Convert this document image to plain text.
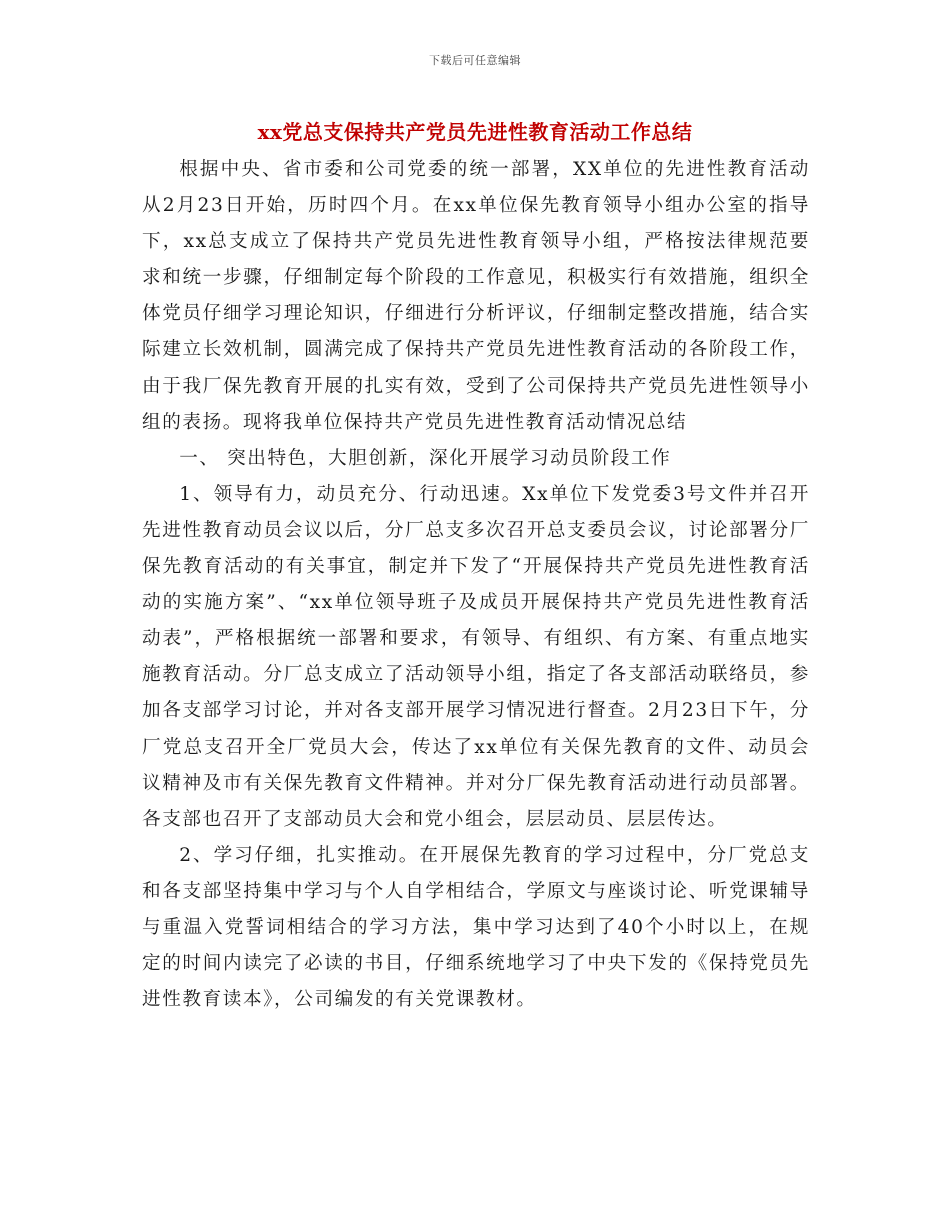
下载后可任意编辑
xx党总支保持共产党员先进性教育活动工作总结

根据中央、省市委和公司党委的统一部署，XX单位的先进性教育活动从2月23日开始，历时四个月。在xx单位保先教育领导小组办公室的指导下，xx总支成立了保持共产党员先进性教育领导小组，严格按法律规范要求和统一步骤，仔细制定每个阶段的工作意见，积极实行有效措施，组织全体党员仔细学习理论知识，仔细进行分析评议，仔细制定整改措施，结合实际建立长效机制，圆满完成了保持共产党员先进性教育活动的各阶段工作，由于我厂保先教育开展的扎实有效，受到了公司保持共产党员先进性领导小组的表扬。现将我单位保持共产党员先进性教育活动情况总结

一、 突出特色，大胆创新，深化开展学习动员阶段工作

1、领导有力，动员充分、行动迅速。Xx单位下发党委3号文件并召开先进性教育动员会议以后，分厂总支多次召开总支委员会议，讨论部署分厂保先教育活动的有关事宜，制定并下发了“开展保持共产党员先进性教育活动的实施方案”、“xx单位领导班子及成员开展保持共产党员先进性教育活动表”，严格根据统一部署和要求，有领导、有组织、有方案、有重点地实施教育活动。分厂总支成立了活动领导小组，指定了各支部活动联络员，参加各支部学习讨论，并对各支部开展学习情况进行督查。2月23日下午，分厂党总支召开全厂党员大会，传达了xx单位有关保先教育的文件、动员会议精神及市有关保先教育文件精神。并对分厂保先教育活动进行动员部署。各支部也召开了支部动员大会和党小组会，层层动员、层层传达。

2、学习仔细，扎实推动。在开展保先教育的学习过程中，分厂党总支和各支部坚持集中学习与个人自学相结合，学原文与座谈讨论、听党课辅导与重温入党誓词相结合的学习方法，集中学习达到了40个小时以上，在规定的时间内读完了必读的书目，仔细系统地学习了中央下发的《保持党员先进性教育读本》，公司编发的有关党课教材。
